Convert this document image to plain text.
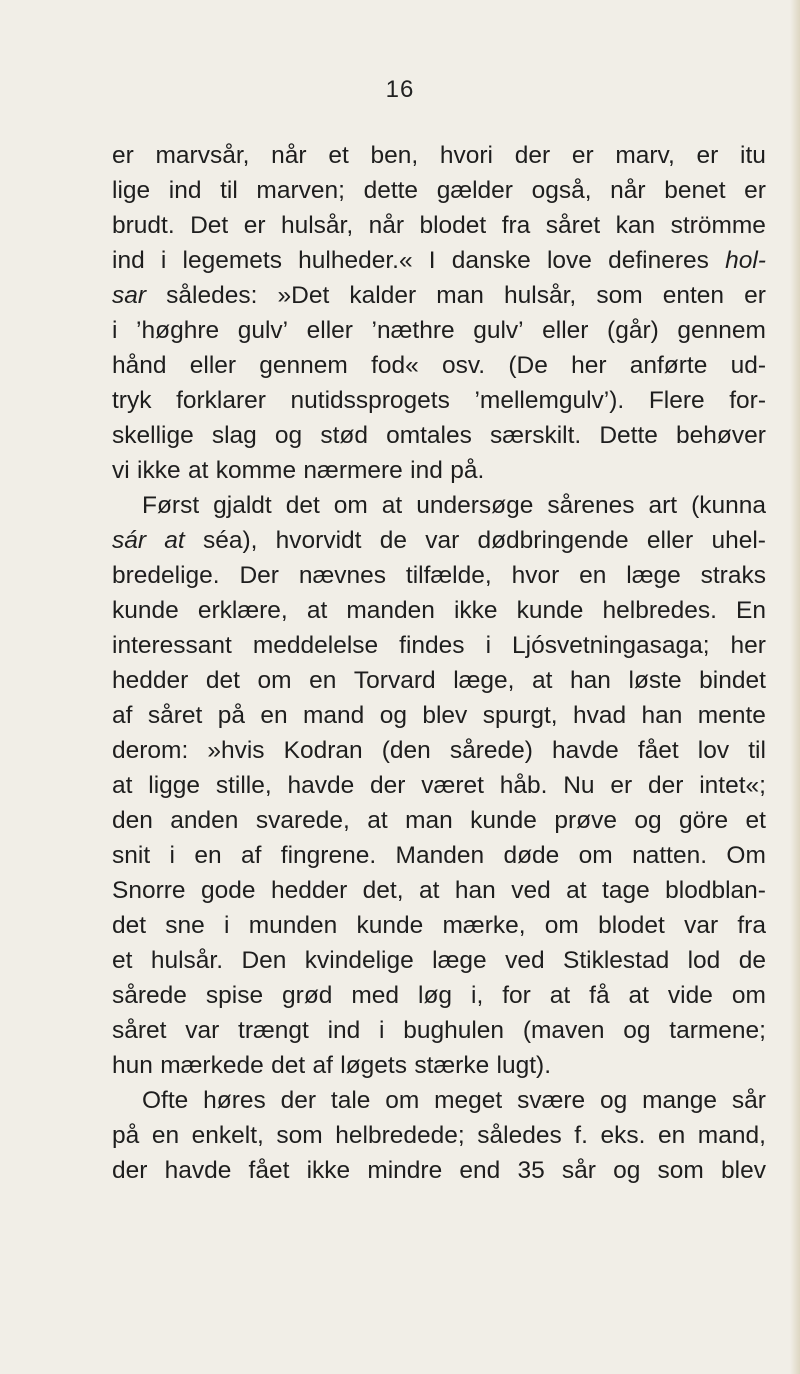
16
er marvsår, når et ben, hvori der er marv, er itu
lige ind til marven; dette gælder også, når benet er
brudt. Det er hulsår, når blodet fra såret kan strömme
ind i legemets hulheder.« I danske love defineres hol-
sar således: »Det kalder man hulsår, som enten er
i ’høghre gulv’ eller ’næthre gulv’ eller (går) gennem
hånd eller gennem fod« osv. (De her anførte ud-
tryk forklarer nutidssprogets ’mellemgulv’). Flere for-
skellige slag og stød omtales særskilt. Dette behøver
vi ikke at komme nærmere ind på.
Først gjaldt det om at undersøge sårenes art (kunna
sár at séa), hvorvidt de var dødbringende eller uhel-
bredelige. Der nævnes tilfælde, hvor en læge straks
kunde erklære, at manden ikke kunde helbredes. En
interessant meddelelse findes i Ljósvetningasaga; her
hedder det om en Torvard læge, at han løste bindet
af såret på en mand og blev spurgt, hvad han mente
derom: »hvis Kodran (den sårede) havde fået lov til
at ligge stille, havde der været håb. Nu er der intet«;
den anden svarede, at man kunde prøve og göre et
snit i en af fingrene. Manden døde om natten. Om
Snorre gode hedder det, at han ved at tage blodblan-
det sne i munden kunde mærke, om blodet var fra
et hulsår. Den kvindelige læge ved Stiklestad lod de
sårede spise grød med løg i, for at få at vide om
såret var trængt ind i bughulen (maven og tarmene;
hun mærkede det af løgets stærke lugt).
Ofte høres der tale om meget svære og mange sår
på en enkelt, som helbredede; således f. eks. en mand,
der havde fået ikke mindre end 35 sår og som blev
